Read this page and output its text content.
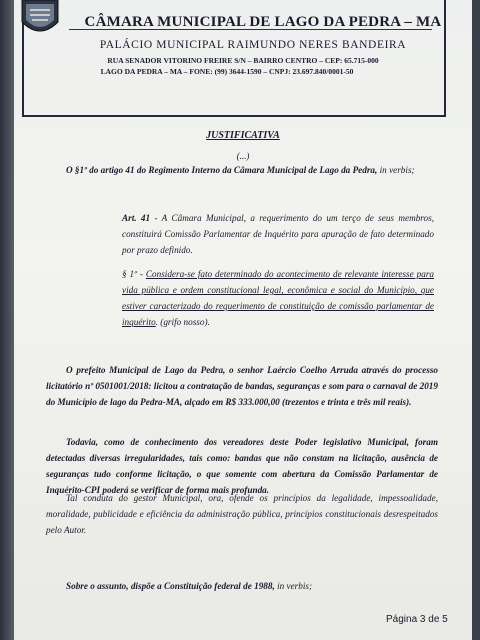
CÂMARA MUNICIPAL DE LAGO DA PEDRA – MA
PALÁCIO MUNICIPAL RAIMUNDO NERES BANDEIRA
RUA SENADOR VITORINO FREIRE S/N – BAIRRO CENTRO – CEP: 65.715-000
LAGO DA PEDRA – MA – FONE: (99) 3644-1590 – CNPJ: 23.697.840/0001-50
JUSTIFICATIVA
(...)
O §1º do artigo 41 do Regimento Interno da Câmara Municipal de Lago da Pedra, in verbis;
Art. 41 - A Câmara Municipal, a requerimento do um terço de seus membros, constituirá Comissão Parlamentar de Inquérito para apuração de fato determinado por prazo definido.
§ 1º - Considera-se fato determinado do acontecimento de relevante interesse para vida pública e ordem constitucional legal, econômica e social do Município, que estiver caracterizado do requerimento de constituição de comissão parlamentar de inquérito. (grifo nosso).
O prefeito Municipal de Lago da Pedra, o senhor Laércio Coelho Arruda através do processo licitatório nº 0501001/2018: licitou a contratação de bandas, seguranças e som para o carnaval de 2019 do Município de lago da Pedra-MA, alçado em R$ 333.000,00 (trezentos e trinta e três mil reais).
Todavia, como de conhecimento dos vereadores deste Poder legislativo Municipal, foram detectadas diversas irregularidades, tais como: bandas que não constam na licitação, ausência de seguranças tudo conforme licitação, o que somente com abertura da Comissão Parlamentar de Inquérito-CPI poderá se verificar de forma mais profunda.
Tal conduta do gestor Municipal, ora, ofende os princípios da legalidade, impessoalidade, moralidade, publicidade e eficiência da administração pública, princípios constitucionais desrespeitados pelo Autor.
Sobre o assunto, dispõe a Constituição federal de 1988, in verbis;
Página 3 de 5
